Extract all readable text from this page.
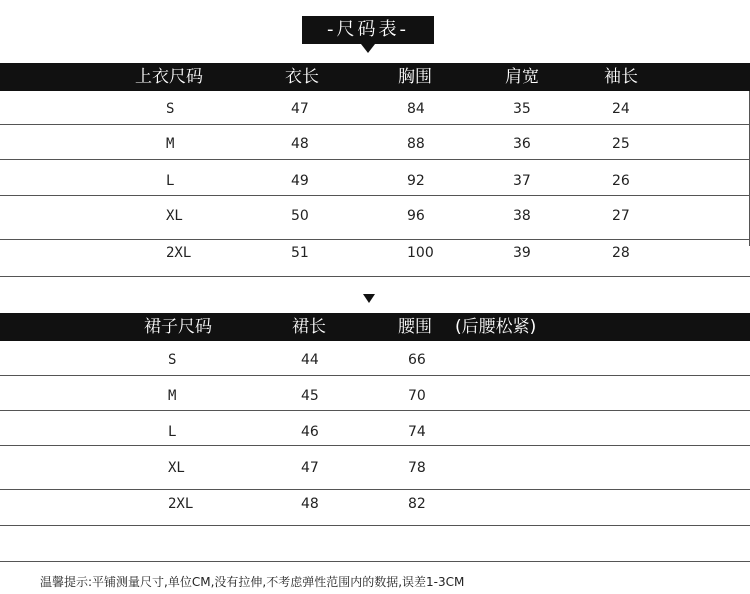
-尺码表-
上衣尺码	衣长	胸围	肩宽	袖长
S	47	84	35	24
M	48	88	36	25
L	49	92	37	26
XL	50	96	38	27
2XL	51	100	39	28
裙子尺码	裙长	腰围 (后腰松紧)
S	44	66
M	45	70
L	46	74
XL	47	78
2XL	48	82
温馨提示:平铺测量尺寸,单位CM,没有拉伸,不考虑弹性范围内的数据,误差1-3CM
